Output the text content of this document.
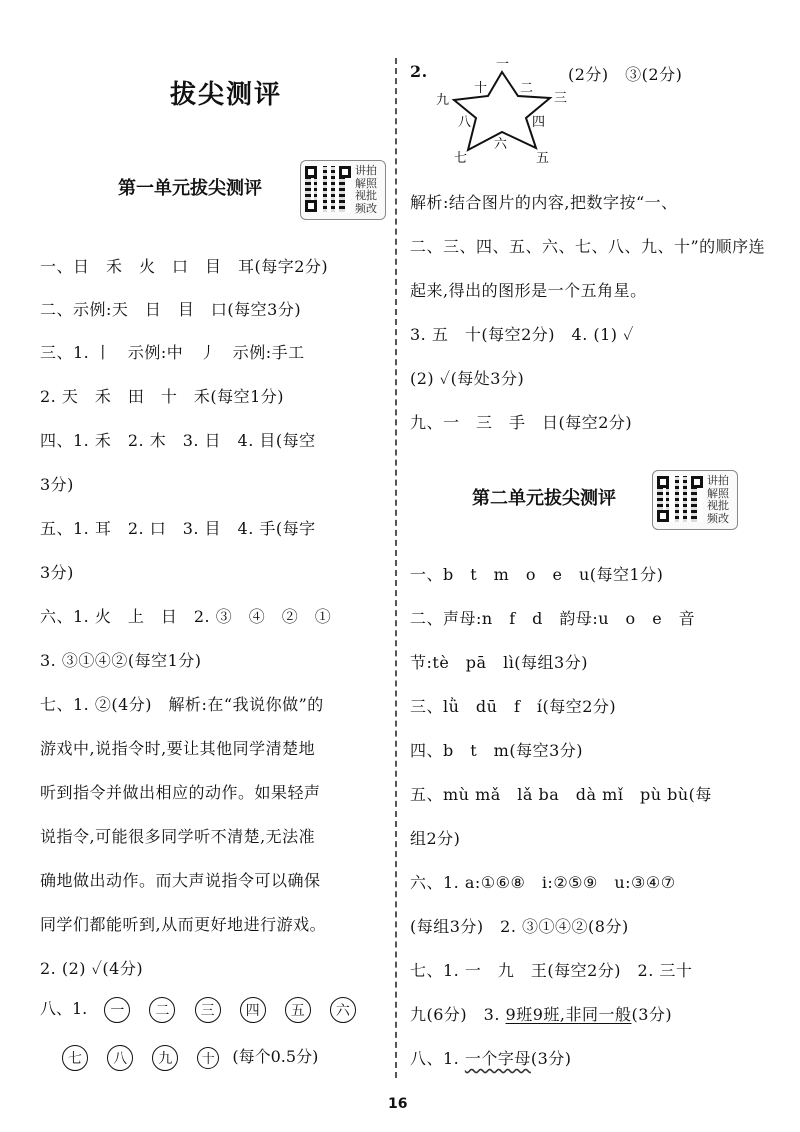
拔尖测评
第一单元拔尖测评
讲拍
解照
视批
频改
一、日　禾　火　口　目　耳(每字2分)
二、示例:天　日　目　口(每空3分)
三、1. 丨　示例:中　丿　示例:手工
2. 天　禾　田　十　禾(每空1分)
四、1. 禾　2. 木　3. 日　4. 目(每空
3分)
五、1. 耳　2. 口　3. 目　4. 手(每字
3分)
六、1. 火　上　日　2. ③　④　②　①
3. ③①④②(每空1分)
七、1. ②(4分)　解析:在“我说你做”的
游戏中,说指令时,要让其他同学清楚地
听到指令并做出相应的动作。如果轻声
说指令,可能很多同学听不清楚,无法准
确地做出动作。而大声说指令可以确保
同学们都能听到,从而更好地进行游戏。
2. (2) ✓(4分)
八、1. 一 二 三 四 五 六
七 八 九 十 (每个0.5分)
2.	一
二
三
四
五
六
七
八
九
十
(2分)　③(2分)
解析:结合图片的内容,把数字按“一、
二、三、四、五、六、七、八、九、十”的顺序连
起来,得出的图形是一个五角星。
3. 五　十(每空2分)　4. (1) ✓
(2) ✓(每处3分)
九、一　三　手　日(每空2分)
第二单元拔尖测评
讲拍
解照
视批
频改
一、b　t　m　o　e　u(每空1分)
二、声母:n　f　d　韵母:u　o　e　音
节:tè　pā　lì(每组3分)
三、lǜ　dū　f　í(每空2分)
四、b　t　m(每空3分)
五、mù mǎ　lǎ ba　dà mǐ　pù bù(每
组2分)
六、1. a:①⑥⑧　i:②⑤⑨　u:③④⑦
(每组3分)　2. ③①④②(8分)
七、1. 一　九　王(每空2分)　2. 三十
九(6分)　3. 9班9班,非同一般(3分)
八、1. 一个字母(3分)
16
